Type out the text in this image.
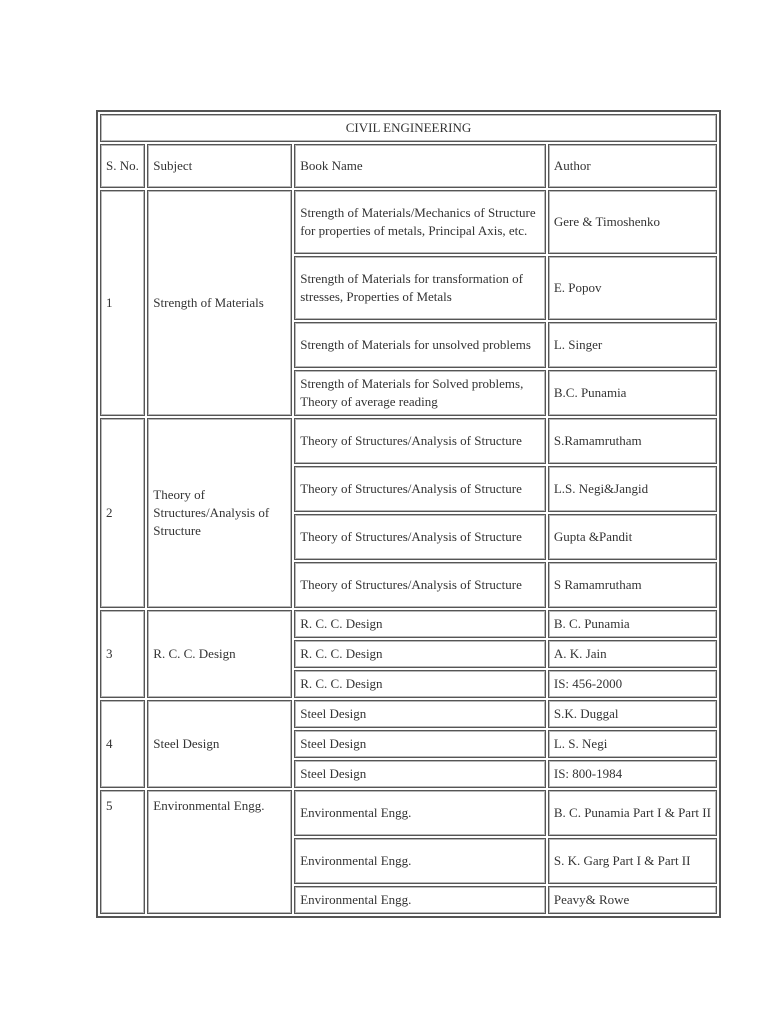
CIVIL ENGINEERING			
S. No.	Subject	Book Name	Author
1	Strength of Materials	Strength of Materials/Mechanics of Structure for properties of metals, Principal Axis, etc.	Gere & Timoshenko
		Strength of Materials for transformation of stresses, Properties of Metals	E. Popov
		Strength of Materials for unsolved problems	L. Singer
		Strength of Materials for Solved problems, Theory of average reading	B.C. Punamia
2	Theory of Structures/Analysis of Structure	Theory of Structures/Analysis of Structure	S.Ramamrutham
		Theory of Structures/Analysis of Structure	L.S. Negi&Jangid
		Theory of Structures/Analysis of Structure	Gupta &Pandit
		Theory of Structures/Analysis of Structure	S Ramamrutham
3	R. C. C. Design	R. C. C. Design	B. C. Punamia
		R. C. C. Design	A. K. Jain
		R. C. C. Design	IS: 456-2000
4	Steel Design	Steel Design	S.K. Duggal
		Steel Design	L. S. Negi
		Steel Design	IS: 800-1984
5	Environmental Engg.	Environmental Engg.	B. C. Punamia Part I & Part II
		Environmental Engg.	S. K. Garg Part I & Part II
		Environmental Engg.	Peavy& Rowe
